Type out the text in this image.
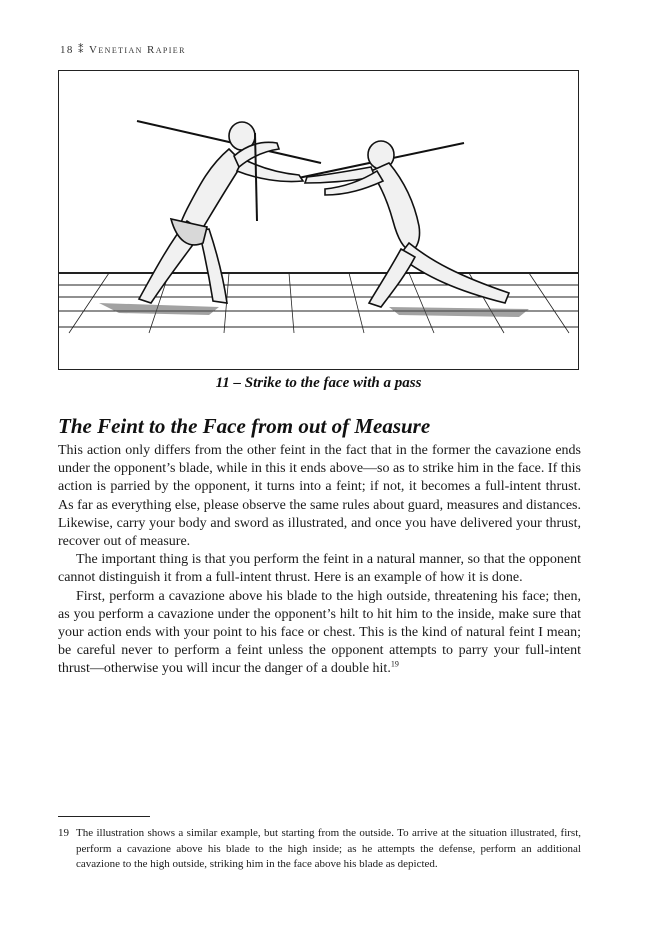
18 ⁑ Venetian Rapier
11 – Strike to the face with a pass
The Feint to the Face from out of Measure

This action only differs from the other feint in the fact that in the former the cavazione ends under the opponent’s blade, while in this it ends above—so as to strike him in the face. If this action is parried by the opponent, it turns into a feint; if not, it becomes a full-intent thrust. As far as everything else, please observe the same rules about guard, measures and distances. Likewise, carry your body and sword as illustrated, and once you have delivered your thrust, recover out of measure.

The important thing is that you perform the feint in a natural manner, so that the opponent cannot distinguish it from a full-intent thrust. Here is an example of how it is done.

First, perform a cavazione above his blade to the high outside, threatening his face; then, as you perform a cavazione under the opponent’s hilt to hit him to the inside, make sure that your action ends with your point to his face or chest. This is the kind of natural feint I mean; be careful never to perform a feint unless the opponent attempts to parry your full-intent thrust—otherwise you will incur the danger of a double hit.$^{19}$

19 The illustration shows a similar example, but starting from the outside. To arrive at the situation illustrated, first, perform a cavazione above his blade to the high inside; as he attempts the defense, perform an additional cavazione to the high outside, striking him in the face above his blade as depicted.
